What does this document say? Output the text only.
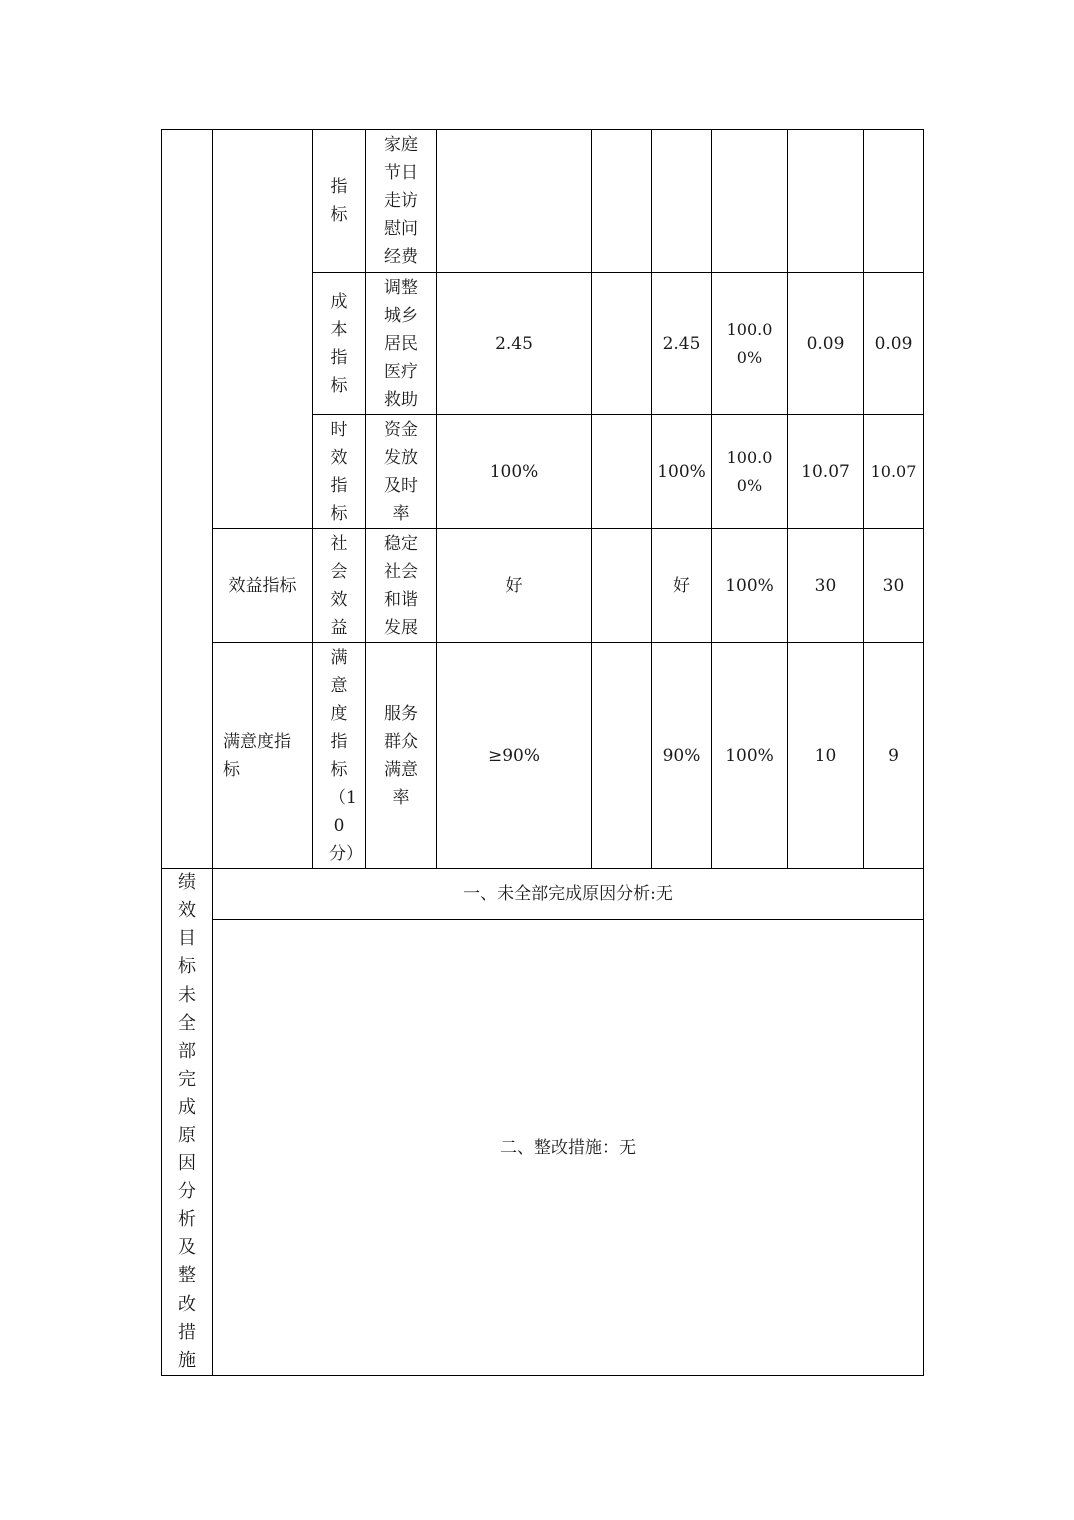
		指标	家庭节日走访慰问经费						

		成本指标	调整城乡居民医疗救助	2.45		2.45	100.00%	0.09	0.09

		时效指标	资金发放及时率	100%		100%	100.00%	10.07	10.07

	效益指标	社会效益	稳定社会和谐发展	好		好	100%	30	30

	满意度指标	满意度指标（10分）	服务群众满意率	≥90%		90%	100%	10	9

绩效目标未全部完成原因分析及整改措施	一、未全部完成原因分析:无								
	二、整改措施：无								
